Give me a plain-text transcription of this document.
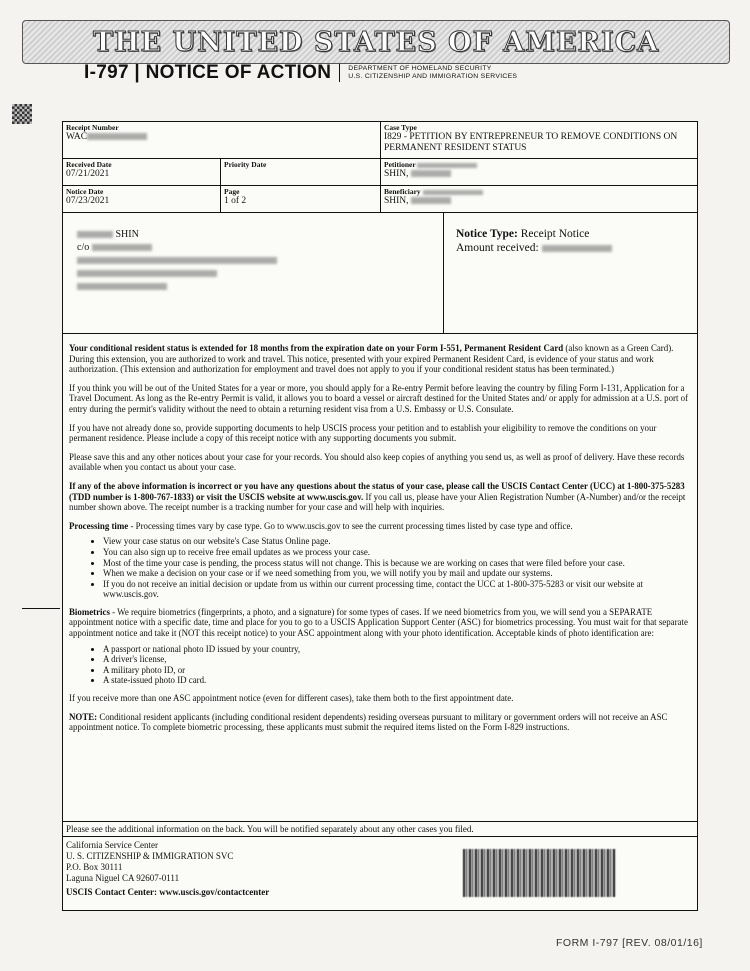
THE UNITED STATES OF AMERICA
I-797 | NOTICE OF ACTION	DEPARTMENT OF HOMELAND SECURITY
U.S. CITIZENSHIP AND IMMIGRATION SERVICES
Receipt Number
WAC
Case Type
I829 - PETITION BY ENTREPRENEUR TO REMOVE CONDITIONS ON PERMANENT RESIDENT STATUS
Received Date
07/21/2021
Priority Date	Petitioner
SHIN,
Notice Date
07/23/2021
Page
1 of 2
Beneficiary
SHIN,
SHIN
c/o
Notice Type: Receipt Notice
Amount received:

Your conditional resident status is extended for 18 months from the expiration date on your Form I-551, Permanent Resident Card (also known as a Green Card). During this extension, you are authorized to work and travel. This notice, presented with your expired Permanent Resident Card, is evidence of your status and work authorization. (This extension and authorization for employment and travel does not apply to you if your conditional resident status has been terminated.)

If you think you will be out of the United States for a year or more, you should apply for a Re-entry Permit before leaving the country by filing Form I-131, Application for a Travel Document. As long as the Re-entry Permit is valid, it allows you to board a vessel or aircraft destined for the United States and/ or apply for admission at a U.S. port of entry during the permit's validity without the need to obtain a returning resident visa from a U.S. Embassy or U.S. Consulate.

If you have not already done so, provide supporting documents to help USCIS process your petition and to establish your eligibility to remove the conditions on your permanent residence. Please include a copy of this receipt notice with any supporting documents you submit.

Please save this and any other notices about your case for your records. You should also keep copies of anything you send us, as well as proof of delivery. Have these records available when you contact us about your case.

If any of the above information is incorrect or you have any questions about the status of your case, please call the USCIS Contact Center (UCC) at 1-800-375-5283 (TDD number is 1-800-767-1833) or visit the USCIS website at www.uscis.gov. If you call us, please have your Alien Registration Number (A-Number) and/or the receipt number shown above. The receipt number is a tracking number for your case and will help with inquiries.

Processing time - Processing times vary by case type. Go to www.uscis.gov to see the current processing times listed by case type and office.

• View your case status on our website's Case Status Online page.
• You can also sign up to receive free email updates as we process your case.
• Most of the time your case is pending, the process status will not change. This is because we are working on cases that were filed before your case.
• When we make a decision on your case or if we need something from you, we will notify you by mail and update our systems.
• If you do not receive an initial decision or update from us within our current processing time, contact the UCC at 1-800-375-5283 or visit our website at www.uscis.gov.

Biometrics - We require biometrics (fingerprints, a photo, and a signature) for some types of cases. If we need biometrics from you, we will send you a SEPARATE appointment notice with a specific date, time and place for you to go to a USCIS Application Support Center (ASC) for biometrics processing. You must wait for that separate appointment notice and take it (NOT this receipt notice) to your ASC appointment along with your photo identification. Acceptable kinds of photo identification are:

• A passport or national photo ID issued by your country,
• A driver's license,
• A military photo ID, or
• A state-issued photo ID card.

If you receive more than one ASC appointment notice (even for different cases), take them both to the first appointment date.

NOTE: Conditional resident applicants (including conditional resident dependents) residing overseas pursuant to military or government orders will not receive an ASC appointment notice. To complete biometric processing, these applicants must submit the required items listed on the Form I-829 instructions.

Please see the additional information on the back. You will be notified separately about any other cases you filed.
California Service Center
U. S. CITIZENSHIP & IMMIGRATION SVC
P.O. Box 30111
Laguna Niguel CA 92607-0111
USCIS Contact Center: www.uscis.gov/contactcenter
FORM I-797 [REV. 08/01/16]
